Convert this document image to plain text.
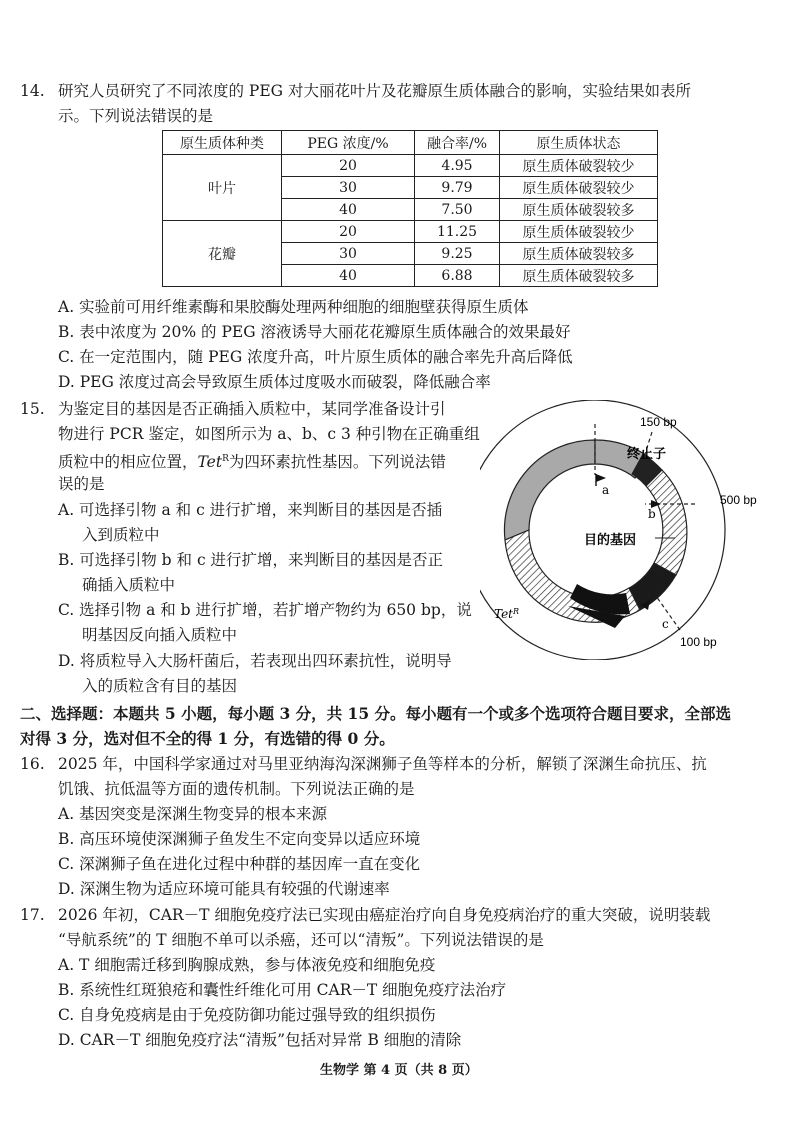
14. 研究人员研究了不同浓度的 PEG 对大丽花叶片及花瓣原生质体融合的影响，实验结果如表所
示。下列说法错误的是
原生质体种类	PEG 浓度/%	融合率/%	原生质体状态
叶片	20	4.95	原生质体破裂较少
	30	9.79	原生质体破裂较少
	40	7.50	原生质体破裂较多
花瓣	20	11.25	原生质体破裂较少
	30	9.25	原生质体破裂较多
	40	6.88	原生质体破裂较多
A. 实验前可用纤维素酶和果胶酶处理两种细胞的细胞壁获得原生质体
B. 表中浓度为 20% 的 PEG 溶液诱导大丽花花瓣原生质体融合的效果最好
C. 在一定范围内，随 PEG 浓度升高，叶片原生质体的融合率先升高后降低
D. PEG 浓度过高会导致原生质体过度吸水而破裂，降低融合率
15. 为鉴定目的基因是否正确插入质粒中，某同学准备设计引
物进行 PCR 鉴定，如图所示为 a、b、c 3 种引物在正确重组
质粒中的相应位置，Tet$^R$为四环素抗性基因。下列说法错
误的是
A. 可选择引物 a 和 c 进行扩增，来判断目的基因是否插
入到质粒中
B. 可选择引物 b 和 c 进行扩增，来判断目的基因是否正
确插入质粒中
C. 选择引物 a 和 b 进行扩增，若扩增产物约为 650 bp，说
明基因反向插入质粒中
D. 将质粒导入大肠杆菌后，若表现出四环素抗性，说明导
入的质粒含有目的基因
150 bp
500 bp
100 bp
终止子
目的基因
a
b
c
Tet$^R$
二、选择题：本题共 5 小题，每小题 3 分，共 15 分。每小题有一个或多个选项符合题目要求，全部选
对得 3 分，选对但不全的得 1 分，有选错的得 0 分。
16. 2025 年，中国科学家通过对马里亚纳海沟深渊狮子鱼等样本的分析，解锁了深渊生命抗压、抗
饥饿、抗低温等方面的遗传机制。下列说法正确的是
A. 基因突变是深渊生物变异的根本来源
B. 高压环境使深渊狮子鱼发生不定向变异以适应环境
C. 深渊狮子鱼在进化过程中种群的基因库一直在变化
D. 深渊生物为适应环境可能具有较强的代谢速率
17. 2026 年初，CAR－T 细胞免疫疗法已实现由癌症治疗向自身免疫病治疗的重大突破，说明装载
“导航系统”的 T 细胞不单可以杀癌，还可以“清叛”。下列说法错误的是
A. T 细胞需迁移到胸腺成熟，参与体液免疫和细胞免疫
B. 系统性红斑狼疮和囊性纤维化可用 CAR－T 细胞免疫疗法治疗
C. 自身免疫病是由于免疫防御功能过强导致的组织损伤
D. CAR－T 细胞免疫疗法“清叛”包括对异常 B 细胞的清除
生物学 第 4 页（共 8 页）
